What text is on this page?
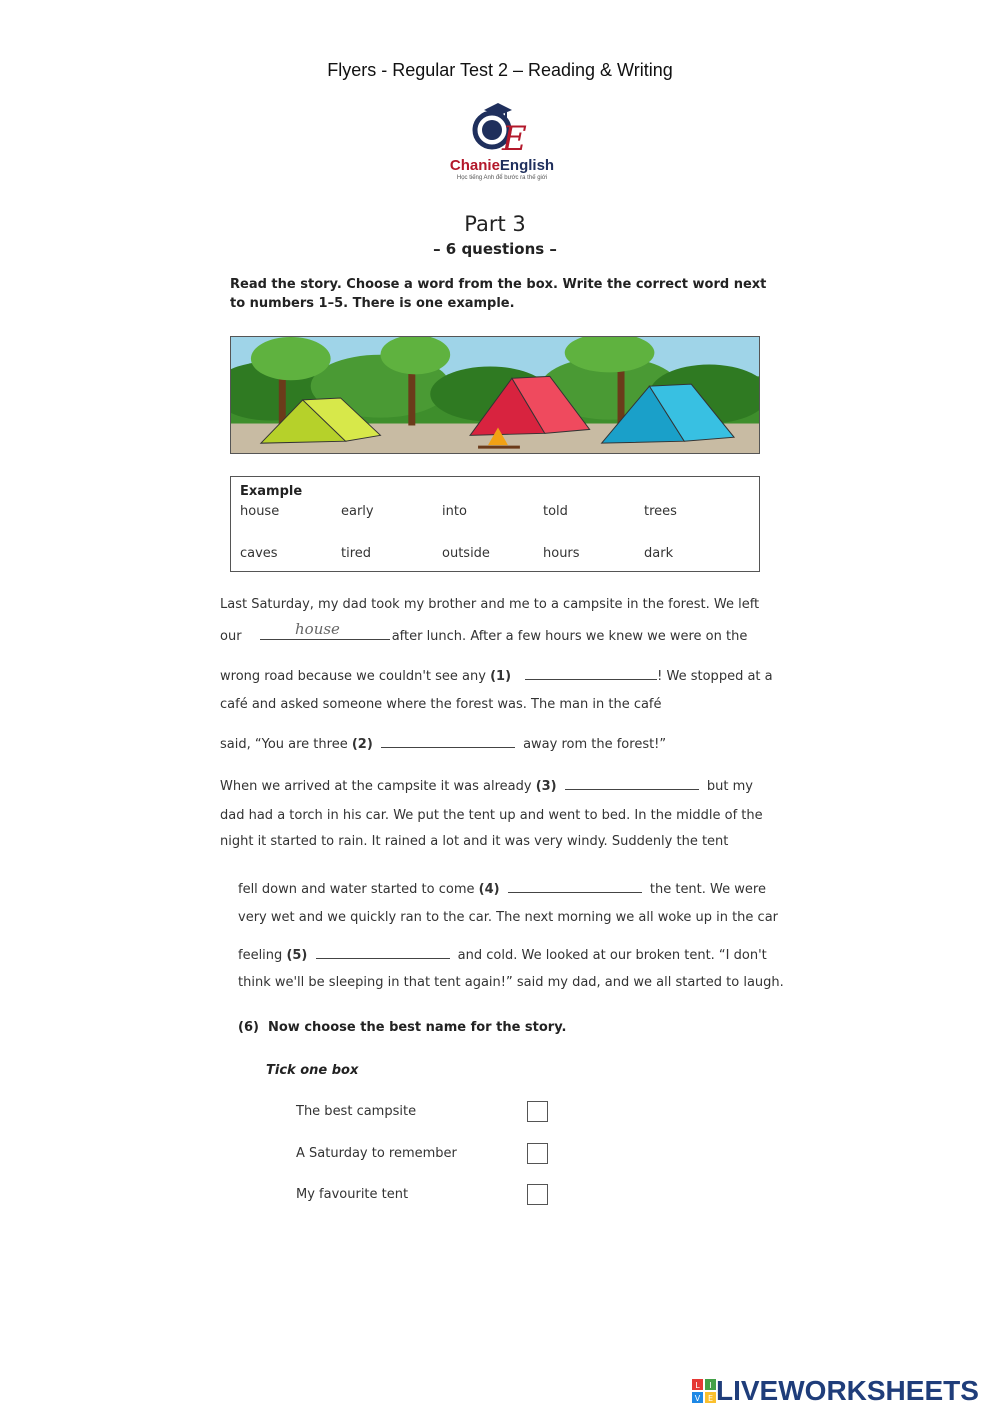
Flyers - Regular Test 2 – Reading & Writing
E
ChanieEnglish
Học tiếng Anh để bước ra thế giới
Part 3
– 6 questions –
Read the story. Choose a word from the box. Write the correct word next
to numbers 1–5. There is one example.
Example
house	early	into	told	trees
caves	tired	outside	hours	dark
Last Saturday, my dad took my brother and me to a campsite in the forest. We left
our	after lunch. After a few hours we knew we were on the
house
wrong road because we couldn't see any (1)	! We stopped at a
café and asked someone where the forest was. The man in the café
said, “You are three (2)	away rom the forest!”
When we arrived at the campsite it was already (3)	but my
dad had a torch in his car. We put the tent up and went to bed. In the middle of the
night it started to rain. It rained a lot and it was very windy. Suddenly the tent
fell down and water started to come (4)	the tent. We were
very wet and we quickly ran to the car. The next morning we all woke up in the car
feeling (5)	and cold. We looked at our broken tent. “I don't
think we'll be sleeping in that tent again!” said my dad, and we all started to laugh.
(6) Now choose the best name for the story.
Tick one box
The best campsite
A Saturday to remember
My favourite tent
L I
V E LIVEWORKSHEETS
